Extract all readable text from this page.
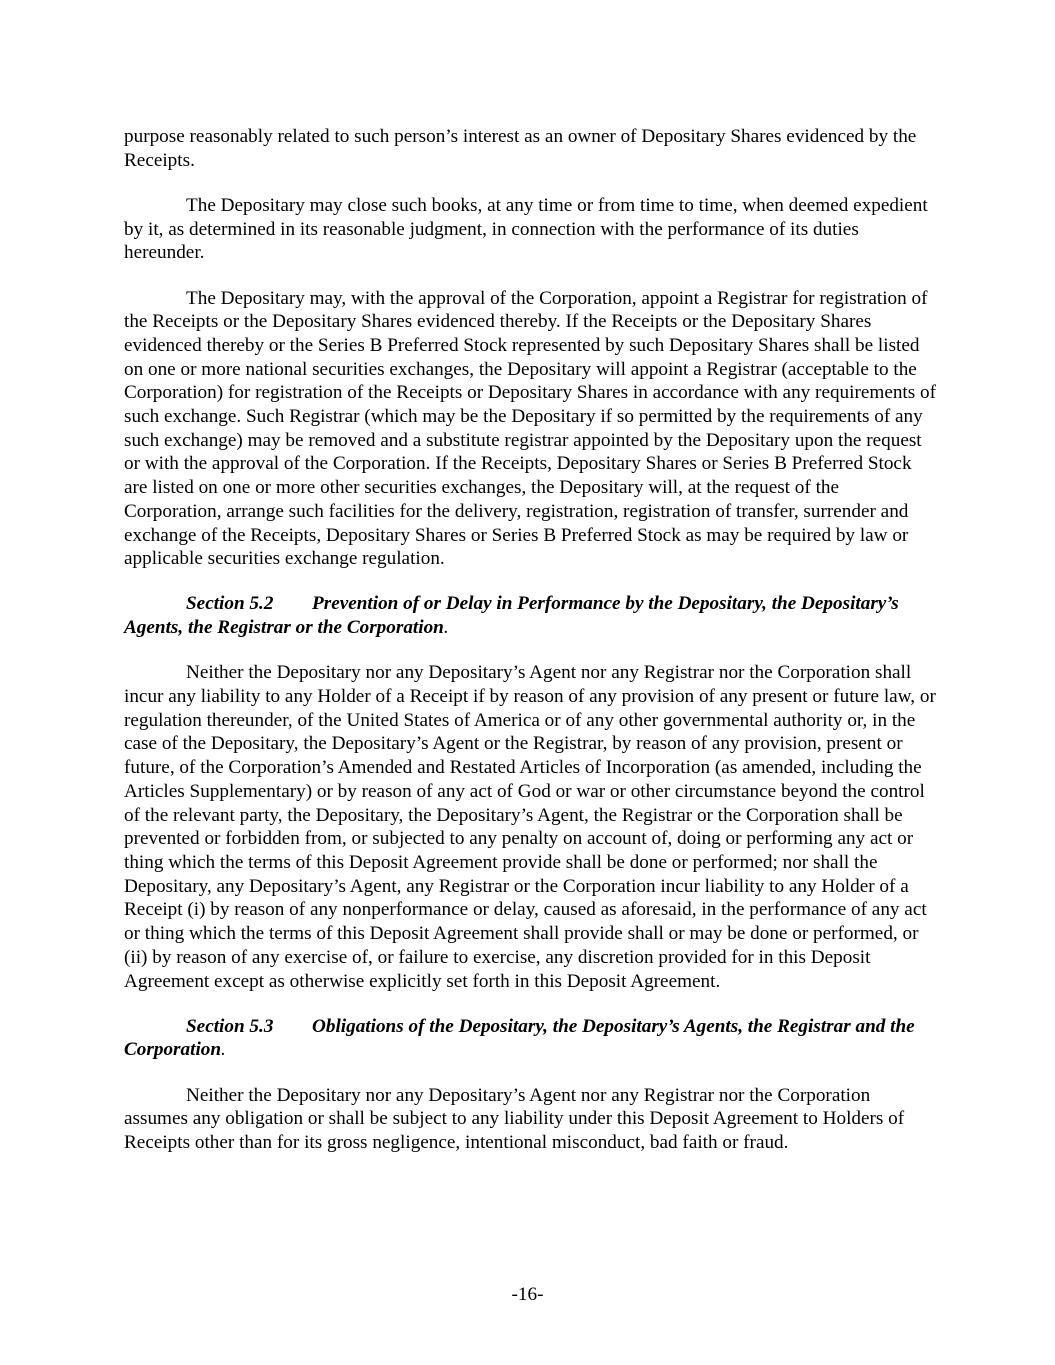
purpose reasonably related to such person’s interest as an owner of Depositary Shares evidenced by the Receipts.

The Depositary may close such books, at any time or from time to time, when deemed expedient by it, as determined in its reasonable judgment, in connection with the performance of its duties hereunder.

The Depositary may, with the approval of the Corporation, appoint a Registrar for registration of the Receipts or the Depositary Shares evidenced thereby. If the Receipts or the Depositary Shares evidenced thereby or the Series B Preferred Stock represented by such Depositary Shares shall be listed on one or more national securities exchanges, the Depositary will appoint a Registrar (acceptable to the Corporation) for registration of the Receipts or Depositary Shares in accordance with any requirements of such exchange. Such Registrar (which may be the Depositary if so permitted by the requirements of any such exchange) may be removed and a substitute registrar appointed by the Depositary upon the request or with the approval of the Corporation. If the Receipts, Depositary Shares or Series B Preferred Stock are listed on one or more other securities exchanges, the Depositary will, at the request of the Corporation, arrange such facilities for the delivery, registration, registration of transfer, surrender and exchange of the Receipts, Depositary Shares or Series B Preferred Stock as may be required by law or applicable securities exchange regulation.

Section 5.2 Prevention of or Delay in Performance by the Depositary, the Depositary’s Agents, the Registrar or the Corporation.

Neither the Depositary nor any Depositary’s Agent nor any Registrar nor the Corporation shall incur any liability to any Holder of a Receipt if by reason of any provision of any present or future law, or regulation thereunder, of the United States of America or of any other governmental authority or, in the case of the Depositary, the Depositary’s Agent or the Registrar, by reason of any provision, present or future, of the Corporation’s Amended and Restated Articles of Incorporation (as amended, including the Articles Supplementary) or by reason of any act of God or war or other circumstance beyond the control of the relevant party, the Depositary, the Depositary’s Agent, the Registrar or the Corporation shall be prevented or forbidden from, or subjected to any penalty on account of, doing or performing any act or thing which the terms of this Deposit Agreement provide shall be done or performed; nor shall the Depositary, any Depositary’s Agent, any Registrar or the Corporation incur liability to any Holder of a Receipt (i) by reason of any nonperformance or delay, caused as aforesaid, in the performance of any act or thing which the terms of this Deposit Agreement shall provide shall or may be done or performed, or (ii) by reason of any exercise of, or failure to exercise, any discretion provided for in this Deposit Agreement except as otherwise explicitly set forth in this Deposit Agreement.

Section 5.3 Obligations of the Depositary, the Depositary’s Agents, the Registrar and the Corporation.

Neither the Depositary nor any Depositary’s Agent nor any Registrar nor the Corporation assumes any obligation or shall be subject to any liability under this Deposit Agreement to Holders of Receipts other than for its gross negligence, intentional misconduct, bad faith or fraud.

-16-
